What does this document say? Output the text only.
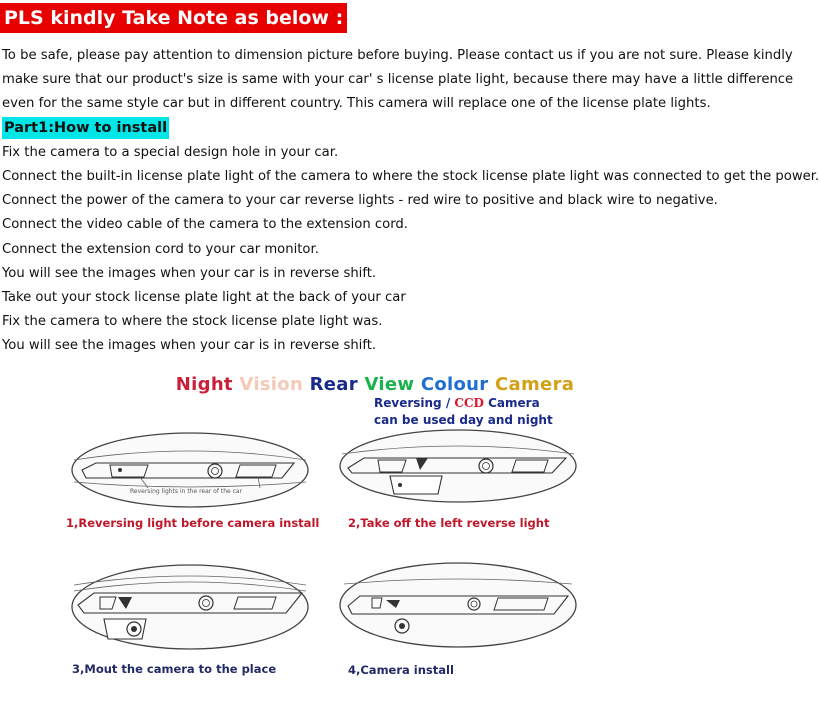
PLS kindly Take Note as below :
To be safe, please pay attention to dimension picture before buying. Please contact us if you are not sure. Please kindly
make sure that our product's size is same with your car' s license plate light, because there may have a little difference
even for the same style car but in different country. This camera will replace one of the license plate lights.
Part1:How to install
Fix the camera to a special design hole in your car.
Connect the built-in license plate light of the camera to where the stock license plate light was connected to get the power.
Connect the power of the camera to your car reverse lights - red wire to positive and black wire to negative.
Connect the video cable of the camera to the extension cord.
Connect the extension cord to your car monitor.
You will see the images when your car is in reverse shift.
Take out your stock license plate light at the back of your car
Fix the camera to where the stock license plate light was.
You will see the images when your car is in reverse shift.
Night Vision Rear View Colour Camera
Reversing / CCD Camera
can be used day and night
Reversing lights in the rear of the car
1,Reversing light before camera install 2,Take off the left reverse light
3,Mout the camera to the place	4,Camera install
